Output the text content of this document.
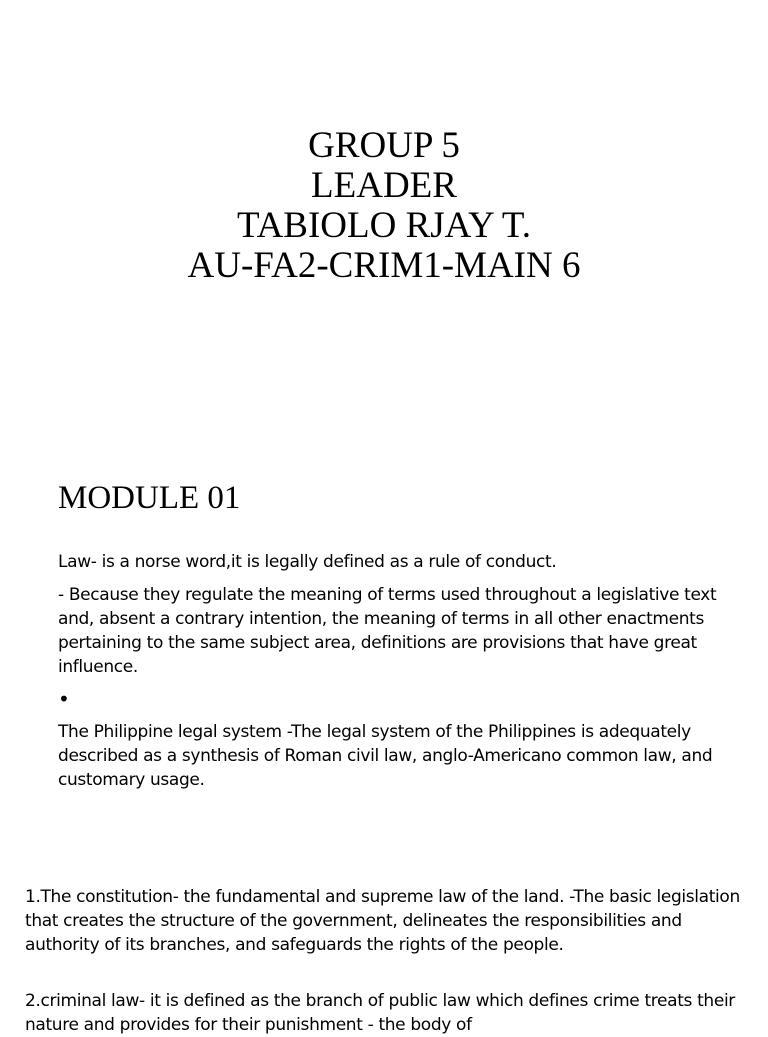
GROUP 5
LEADER
TABIOLO RJAY T.
AU-FA2-CRIM1-MAIN 6
MODULE 01

Law- is a norse word,it is legally defined as a rule of conduct.

- Because they regulate the meaning of terms used throughout a legislative text and, absent a contrary intention, the meaning of terms in all other enactments pertaining to the same subject area, definitions are provisions that have great influence.

•

The Philippine legal system -The legal system of the Philippines is adequately described as a synthesis of Roman civil law, anglo-Americano common law, and customary usage.

1.The constitution- the fundamental and supreme law of the land. -The basic legislation that creates the structure of the government, delineates the responsibilities and authority of its branches, and safeguards the rights of the people.

2.criminal law- it is defined as the branch of public law which defines crime treats their nature and provides for their punishment - the body of
